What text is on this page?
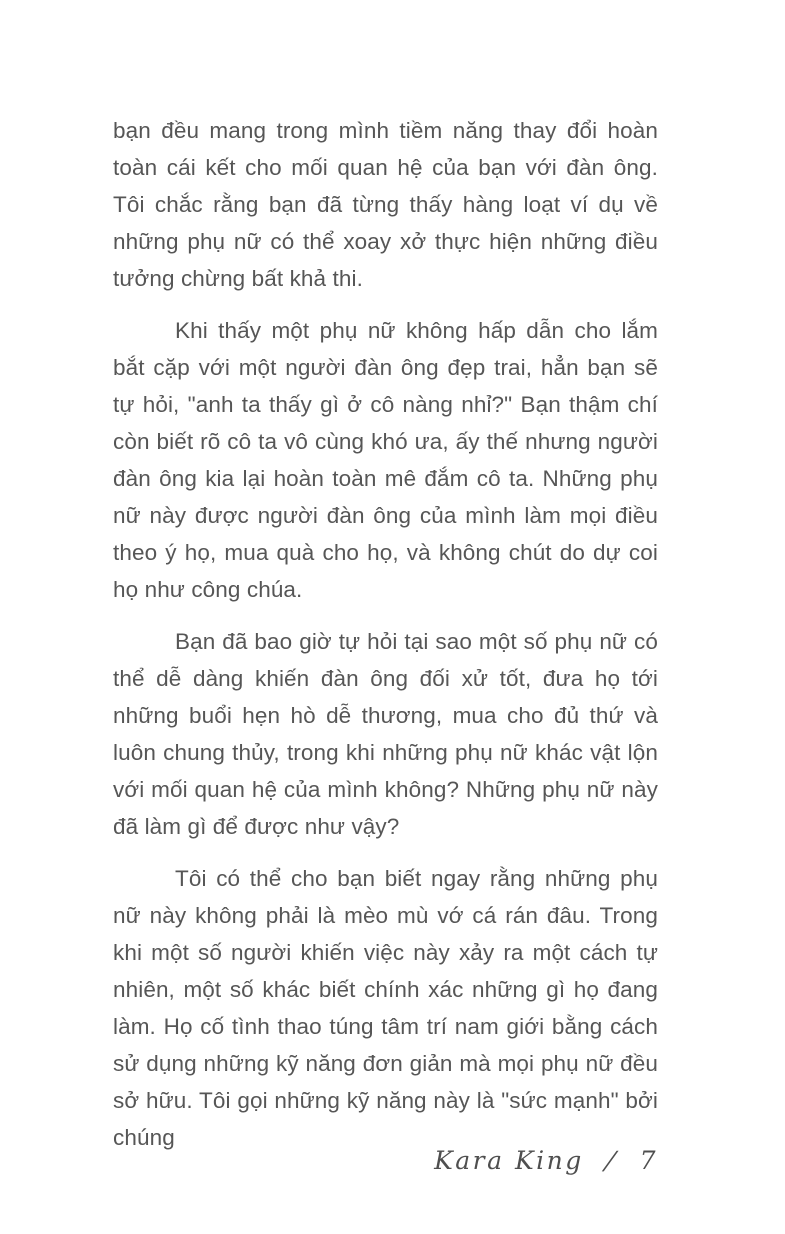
bạn đều mang trong mình tiềm năng thay đổi hoàn toàn cái kết cho mối quan hệ của bạn với đàn ông. Tôi chắc rằng bạn đã từng thấy hàng loạt ví dụ về những phụ nữ có thể xoay xở thực hiện những điều tưởng chừng bất khả thi.

Khi thấy một phụ nữ không hấp dẫn cho lắm bắt cặp với một người đàn ông đẹp trai, hẳn bạn sẽ tự hỏi, "anh ta thấy gì ở cô nàng nhỉ?" Bạn thậm chí còn biết rõ cô ta vô cùng khó ưa, ấy thế nhưng người đàn ông kia lại hoàn toàn mê đắm cô ta. Những phụ nữ này được người đàn ông của mình làm mọi điều theo ý họ, mua quà cho họ, và không chút do dự coi họ như công chúa.

Bạn đã bao giờ tự hỏi tại sao một số phụ nữ có thể dễ dàng khiến đàn ông đối xử tốt, đưa họ tới những buổi hẹn hò dễ thương, mua cho đủ thứ và luôn chung thủy, trong khi những phụ nữ khác vật lộn với mối quan hệ của mình không? Những phụ nữ này đã làm gì để được như vậy?

Tôi có thể cho bạn biết ngay rằng những phụ nữ này không phải là mèo mù vớ cá rán đâu. Trong khi một số người khiến việc này xảy ra một cách tự nhiên, một số khác biết chính xác những gì họ đang làm. Họ cố tình thao túng tâm trí nam giới bằng cách sử dụng những kỹ năng đơn giản mà mọi phụ nữ đều sở hữu. Tôi gọi những kỹ năng này là "sức mạnh" bởi chúng

Kara King / 7
